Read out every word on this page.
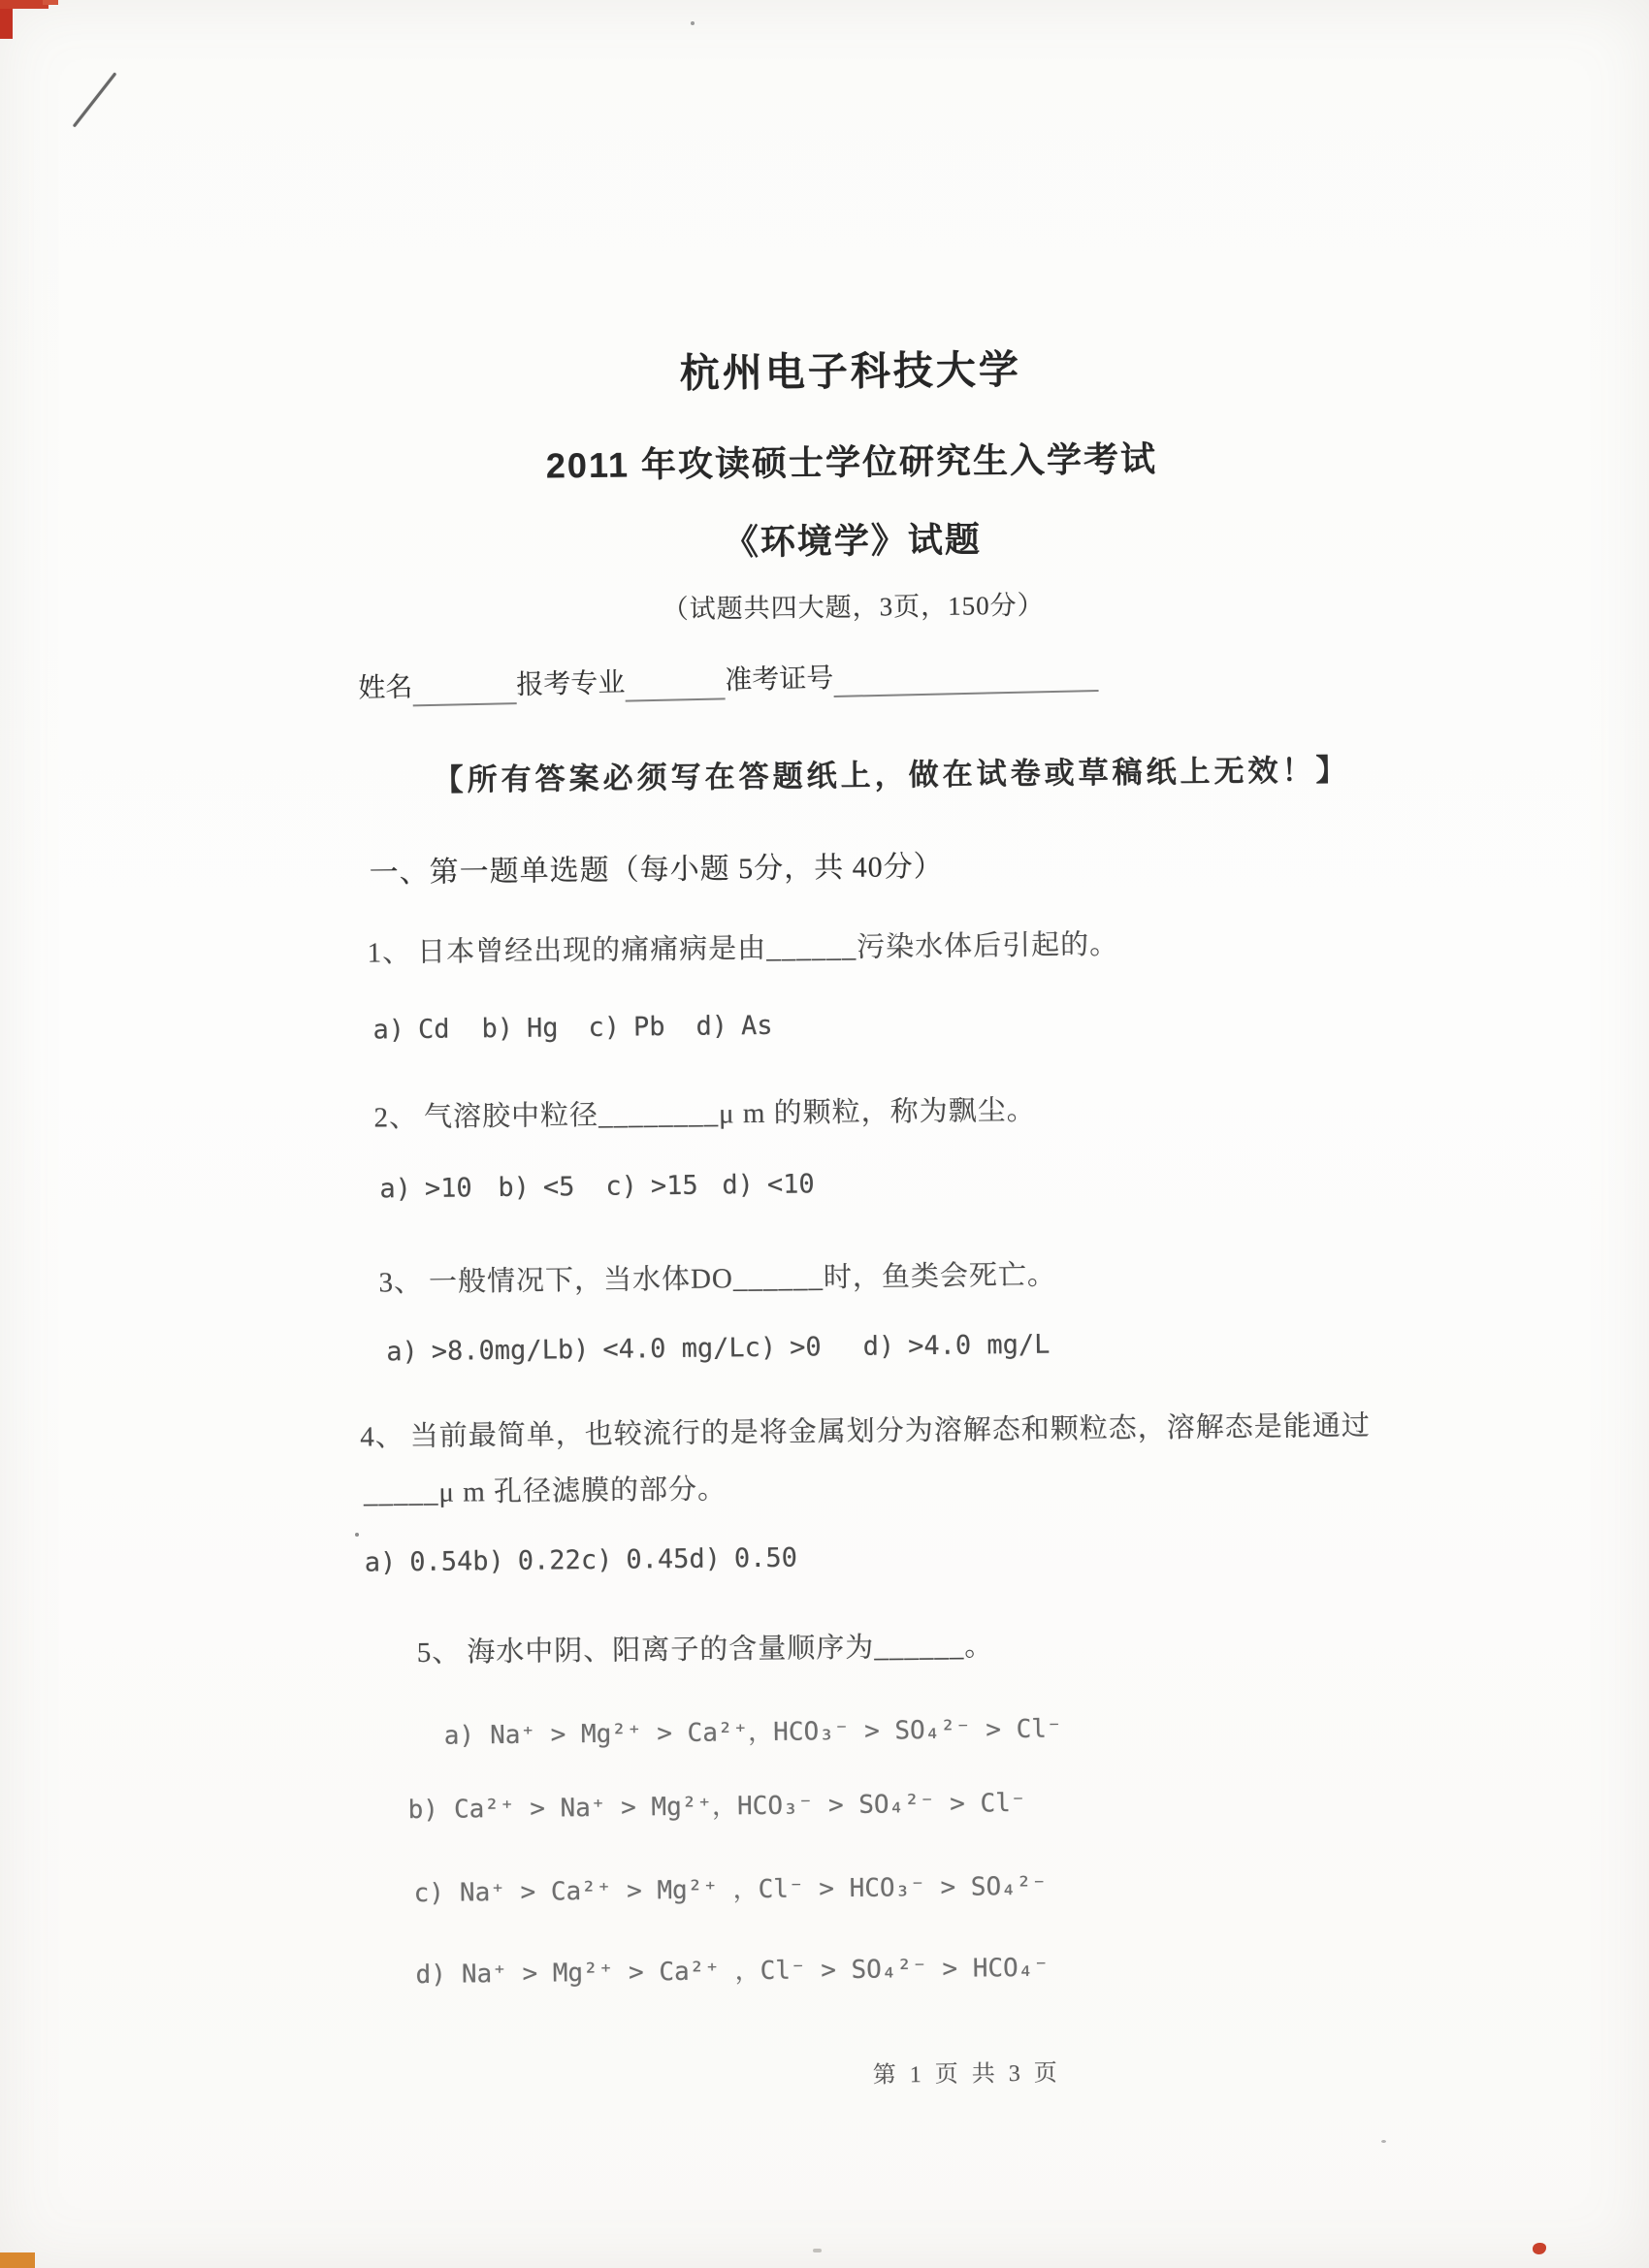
杭州电子科技大学
2011 年攻读硕士学位研究生入学考试
《环境学》试题
（试题共四大题，3页，150分）
姓名	报考专业	准考证号
【所有答案必须写在答题纸上，做在试卷或草稿纸上无效！】
一、第一题单选题（每小题 5分，共 40分）
1、 日本曾经出现的痛痛病是由______污染水体后引起的。
a) Cd	b) Hg	c) Pb	d) As
2、 气溶胶中粒径________μ m 的颗粒，称为飘尘。
a) >10 b) <5	c) >15 d) <10
3、 一般情况下，当水体DO______时，鱼类会死亡。
a) >8.0mg/L b) <4.0 mg/L c) >0	d) >4.0 mg/L
4、 当前最简单，也较流行的是将金属划分为溶解态和颗粒态，溶解态是能通过
_____μ m 孔径滤膜的部分。
a) 0.54 b) 0.22 c) 0.45 d) 0.50
5、 海水中阴、阳离子的含量顺序为______。
a) Na⁺ > Mg²⁺ > Ca²⁺，HCO₃⁻ > SO₄²⁻ > Cl⁻
b) Ca²⁺ > Na⁺ > Mg²⁺，HCO₃⁻ > SO₄²⁻ > Cl⁻
c) Na⁺ > Ca²⁺ > Mg²⁺ ，Cl⁻ > HCO₃⁻ > SO₄²⁻
d) Na⁺ > Mg²⁺ > Ca²⁺ ，Cl⁻ > SO₄²⁻ > HCO₄⁻
第 1 页 共 3 页
